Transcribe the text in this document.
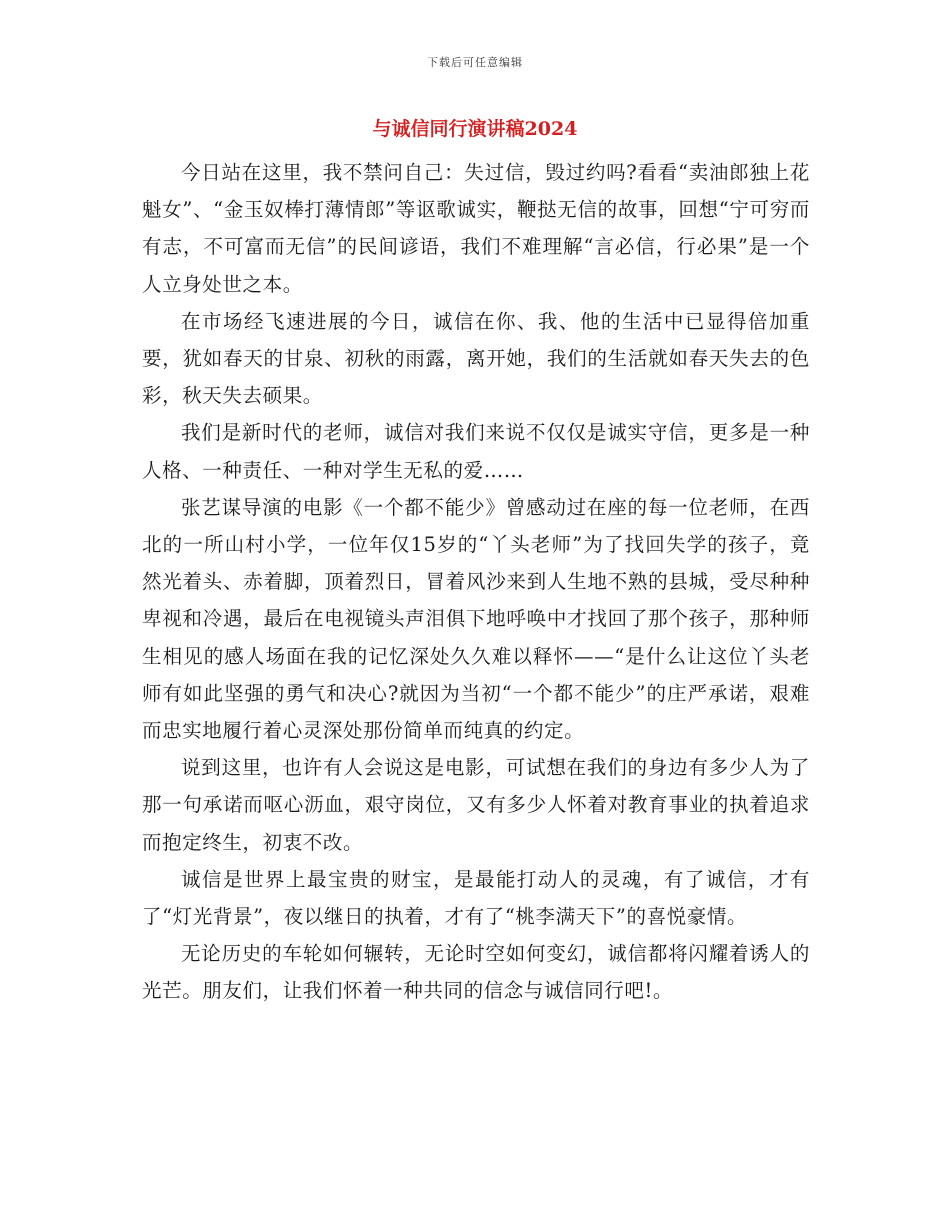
下载后可任意编辑
与诚信同行演讲稿2024

今日站在这里，我不禁问自己：失过信，毁过约吗?看看“卖油郎独上花魁女”、“金玉奴棒打薄情郎”等讴歌诚实，鞭挞无信的故事，回想“宁可穷而有志，不可富而无信”的民间谚语，我们不难理解“言必信，行必果”是一个人立身处世之本。

在市场经飞速进展的今日，诚信在你、我、他的生活中已显得倍加重要，犹如春天的甘泉、初秋的雨露，离开她，我们的生活就如春天失去的色彩，秋天失去硕果。

我们是新时代的老师，诚信对我们来说不仅仅是诚实守信，更多是一种人格、一种责任、一种对学生无私的爱……

张艺谋导演的电影《一个都不能少》曾感动过在座的每一位老师，在西北的一所山村小学，一位年仅15岁的“丫头老师”为了找回失学的孩子，竟然光着头、赤着脚，顶着烈日，冒着风沙来到人生地不熟的县城，受尽种种卑视和冷遇，最后在电视镜头声泪俱下地呼唤中才找回了那个孩子，那种师生相见的感人场面在我的记忆深处久久难以释怀——“是什么让这位丫头老师有如此坚强的勇气和决心?就因为当初“一个都不能少”的庄严承诺，艰难而忠实地履行着心灵深处那份简单而纯真的约定。

说到这里，也许有人会说这是电影，可试想在我们的身边有多少人为了那一句承诺而呕心沥血，艰守岗位，又有多少人怀着对教育事业的执着追求而抱定终生，初衷不改。

诚信是世界上最宝贵的财宝，是最能打动人的灵魂，有了诚信，才有了“灯光背景”，夜以继日的执着，才有了“桃李满天下”的喜悦豪情。

无论历史的车轮如何辗转，无论时空如何变幻，诚信都将闪耀着诱人的光芒。朋友们，让我们怀着一种共同的信念与诚信同行吧!。
